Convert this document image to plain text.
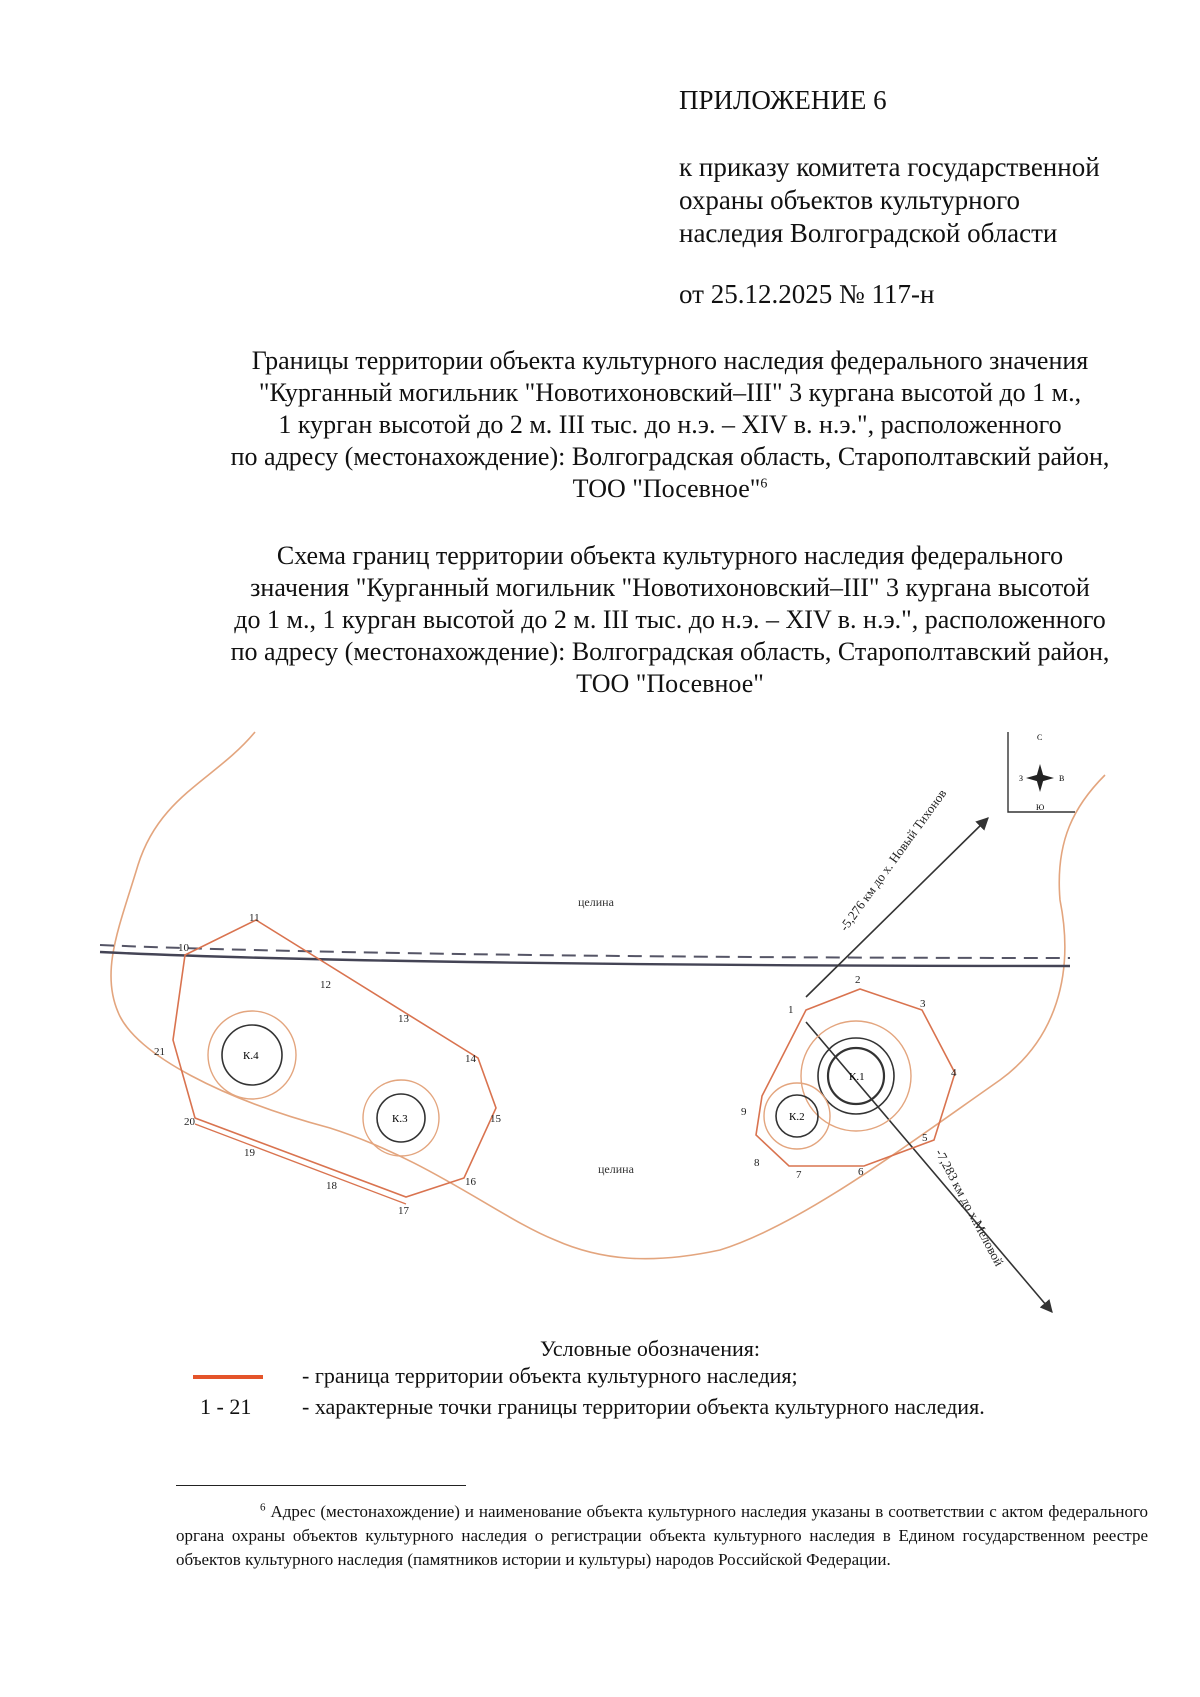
ПРИЛОЖЕНИЕ 6
к приказу комитета государственной
охраны объектов культурного
наследия Волгоградской области
от 25.12.2025 № 117-н
Границы территории объекта культурного наследия федерального значения
"Курганный могильник "Новотихоновский–III" 3 кургана высотой до 1 м.,
1 курган высотой до 2 м. III тыс. до н.э. – XIV в. н.э.", расположенного
по адресу (местонахождение): Волгоградская область, Старополтавский район,
ТОО "Посевное"$^6$
Схема границ территории объекта культурного наследия федерального
значения "Курганный могильник "Новотихоновский–III" 3 кургана высотой
до 1 м., 1 курган высотой до 2 м. III тыс. до н.э. – XIV в. н.э.", расположенного
по адресу (местонахождение): Волгоградская область, Старополтавский район,
ТОО "Посевное"
целина
целина
С
Ю
З	В
-5,276 км до х. Новый Тихонов
-7,283 км до х.Меловой
К.4
К.3
К.1
К.2
1
2
3
4
5
6
7
8
9
10
11
12
13
14
15
16
17
18
19
20
21
Условные обозначения:
- граница территории объекта культурного наследия;
1 - 21	- характерные точки границы территории объекта культурного наследия.
$^6$ Адрес (местонахождение) и наименование объекта культурного наследия указаны в соответствии с актом федерального органа охраны объектов культурного наследия о регистрации объекта культурного наследия в Едином государственном реестре объектов культурного наследия (памятников истории и культуры) народов Российской Федерации.
